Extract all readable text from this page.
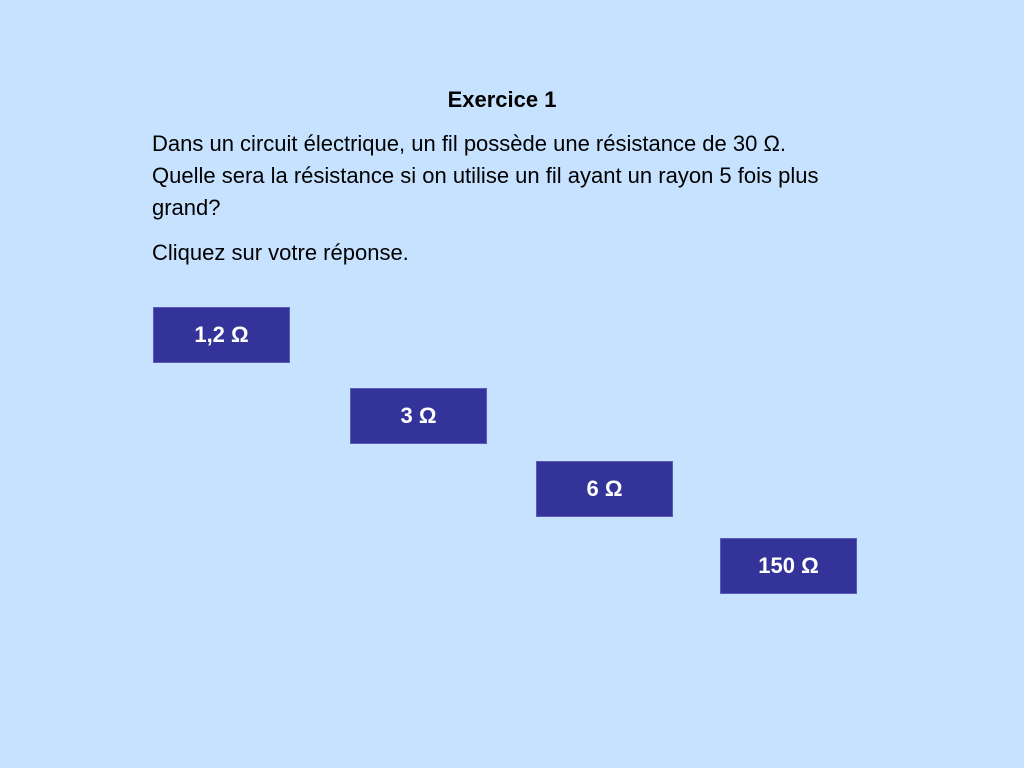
Exercice 1

Dans un circuit électrique, un fil possède une résistance de 30 Ω. Quelle sera la résistance si on utilise un fil ayant un rayon 5 fois plus grand?

Cliquez sur votre réponse.

1,2 Ω
3 Ω
6 Ω
150 Ω
